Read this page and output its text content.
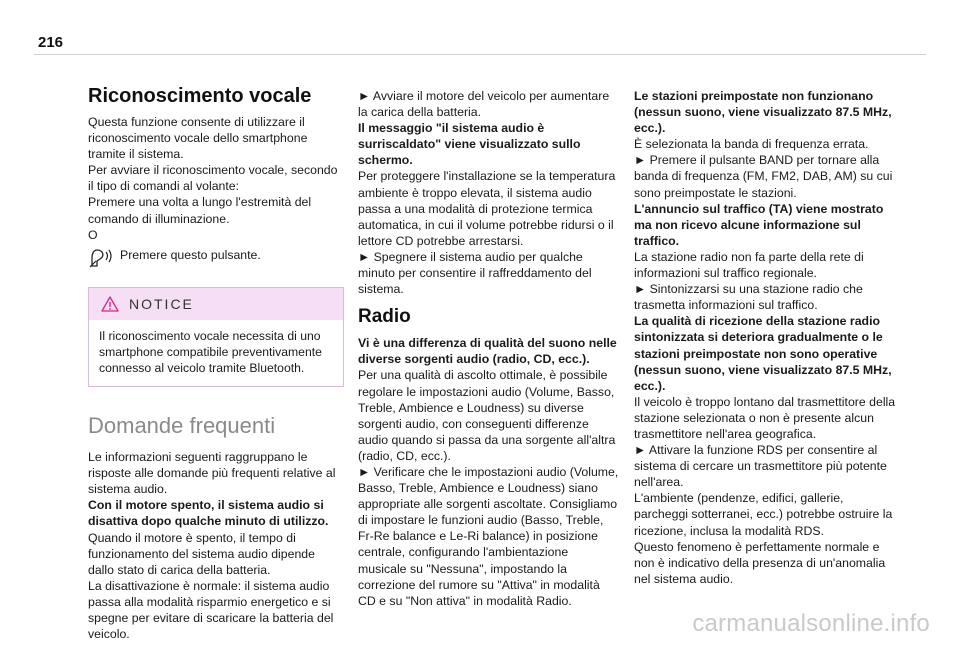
216
Riconoscimento vocale

Questa funzione consente di utilizzare il riconoscimento vocale dello smartphone tramite il sistema.

Per avviare il riconoscimento vocale, secondo il tipo di comandi al volante:

Premere una volta a lungo l'estremità del comando di illuminazione.

O

Premere questo pulsante.

NOTICE
Il riconoscimento vocale necessita di uno smartphone compatibile preventivamente connesso al veicolo tramite Bluetooth.
Domande frequenti

Le informazioni seguenti raggruppano le risposte alle domande più frequenti relative al sistema audio.

Con il motore spento, il sistema audio si disattiva dopo qualche minuto di utilizzo.

Quando il motore è spento, il tempo di funzionamento del sistema audio dipende dallo stato di carica della batteria.

La disattivazione è normale: il sistema audio passa alla modalità risparmio energetico e si spegne per evitare di scaricare la batteria del veicolo.

► Avviare il motore del veicolo per aumentare la carica della batteria.

Il messaggio "il sistema audio è surriscaldato" viene visualizzato sullo schermo.

Per proteggere l'installazione se la temperatura ambiente è troppo elevata, il sistema audio passa a una modalità di protezione termica automatica, in cui il volume potrebbe ridursi o il lettore CD potrebbe arrestarsi.

► Spegnere il sistema audio per qualche minuto per consentire il raffreddamento del sistema.

Radio

Vi è una differenza di qualità del suono nelle diverse sorgenti audio (radio, CD, ecc.).

Per una qualità di ascolto ottimale, è possibile regolare le impostazioni audio (Volume, Basso, Treble, Ambience e Loudness) su diverse sorgenti audio, con conseguenti differenze audio quando si passa da una sorgente all'altra (radio, CD, ecc.).

► Verificare che le impostazioni audio (Volume, Basso, Treble, Ambience e Loudness) siano appropriate alle sorgenti ascoltate. Consigliamo di impostare le funzioni audio (Basso, Treble, Fr-Re balance e Le-Ri balance) in posizione centrale, configurando l'ambientazione musicale su "Nessuna", impostando la correzione del rumore su "Attiva" in modalità CD e su "Non attiva" in modalità Radio.

Le stazioni preimpostate non funzionano (nessun suono, viene visualizzato 87.5 MHz, ecc.).

È selezionata la banda di frequenza errata.

► Premere il pulsante BAND per tornare alla banda di frequenza (FM, FM2, DAB, AM) su cui sono preimpostate le stazioni.

L'annuncio sul traffico (TA) viene mostrato ma non ricevo alcune informazione sul traffico.

La stazione radio non fa parte della rete di informazioni sul traffico regionale.

► Sintonizzarsi su una stazione radio che trasmetta informazioni sul traffico.

La qualità di ricezione della stazione radio sintonizzata si deteriora gradualmente o le stazioni preimpostate non sono operative (nessun suono, viene visualizzato 87.5 MHz, ecc.).

Il veicolo è troppo lontano dal trasmettitore della stazione selezionata o non è presente alcun trasmettitore nell'area geografica.

► Attivare la funzione RDS per consentire al sistema di cercare un trasmettitore più potente nell'area.

L'ambiente (pendenze, edifici, gallerie, parcheggi sotterranei, ecc.) potrebbe ostruire la ricezione, inclusa la modalità RDS.

Questo fenomeno è perfettamente normale e non è indicativo della presenza di un'anomalia nel sistema audio.

carmanualsonline.info
